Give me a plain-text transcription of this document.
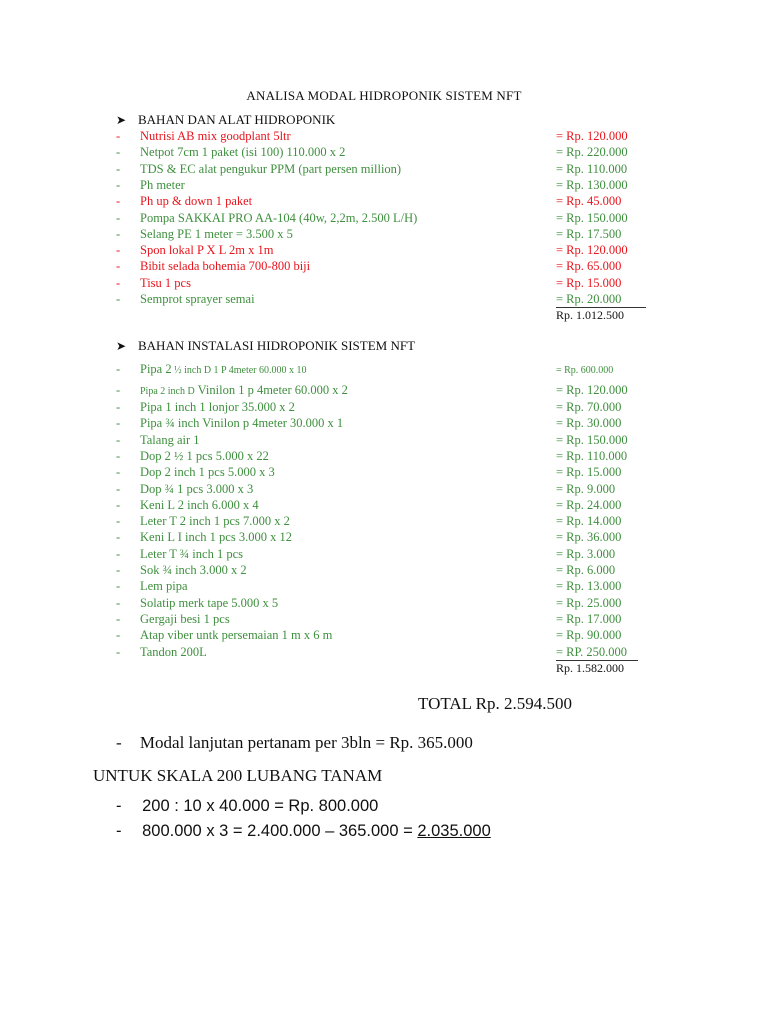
ANALISA MODAL HIDROPONIK SISTEM NFT
➤ BAHAN DAN ALAT HIDROPONIK
- Nutrisi AB mix goodplant 5ltr	= Rp. 120.000
- Netpot 7cm 1 paket (isi 100) 110.000 x 2	= Rp. 220.000
- TDS & EC alat pengukur PPM (part persen million)	= Rp. 110.000
- Ph meter	= Rp. 130.000
- Ph up & down 1 paket	= Rp. 45.000
- Pompa SAKKAI PRO AA-104 (40w, 2,2m, 2.500 L/H)	= Rp. 150.000
- Selang PE 1 meter = 3.500 x 5	= Rp. 17.500
- Spon lokal P X L 2m x 1m	= Rp. 120.000
- Bibit selada bohemia 700-800 biji	= Rp. 65.000
- Tisu 1 pcs	= Rp. 15.000
- Semprot sprayer semai	= Rp. 20.000
Rp. 1.012.500
➤ BAHAN INSTALASI HIDROPONIK SISTEM NFT
- Pipa 2 ½ inch D 1 P 4meter 60.000 x 10	= Rp. 600.000
- Pipa 2 inch D Vinilon 1 p 4meter 60.000 x 2	= Rp. 120.000
- Pipa 1 inch 1 lonjor 35.000 x 2	= Rp. 70.000
- Pipa ¾ inch Vinilon p 4meter 30.000 x 1	= Rp. 30.000
- Talang air 1	= Rp. 150.000
- Dop 2 ½ 1 pcs 5.000 x 22	= Rp. 110.000
- Dop 2 inch 1 pcs 5.000 x 3	= Rp. 15.000
- Dop ¾ 1 pcs 3.000 x 3	= Rp. 9.000
- Keni L 2 inch 6.000 x 4	= Rp. 24.000
- Leter T 2 inch 1 pcs 7.000 x 2	= Rp. 14.000
- Keni L I inch 1 pcs 3.000 x 12	= Rp. 36.000
- Leter T ¾ inch 1 pcs	= Rp. 3.000
- Sok ¾ inch 3.000 x 2	= Rp. 6.000
- Lem pipa	= Rp. 13.000
- Solatip merk tape 5.000 x 5	= Rp. 25.000
- Gergaji besi 1 pcs	= Rp. 17.000
- Atap viber untk persemaian 1 m x 6 m	= Rp. 90.000
- Tandon 200L	= RP. 250.000
Rp. 1.582.000
TOTAL Rp. 2.594.500
- Modal lanjutan pertanam per 3bln = Rp. 365.000
UNTUK SKALA 200 LUBANG TANAM
- 200 : 10 x 40.000 = Rp. 800.000
- 800.000 x 3 = 2.400.000 – 365.000 = 2.035.000
